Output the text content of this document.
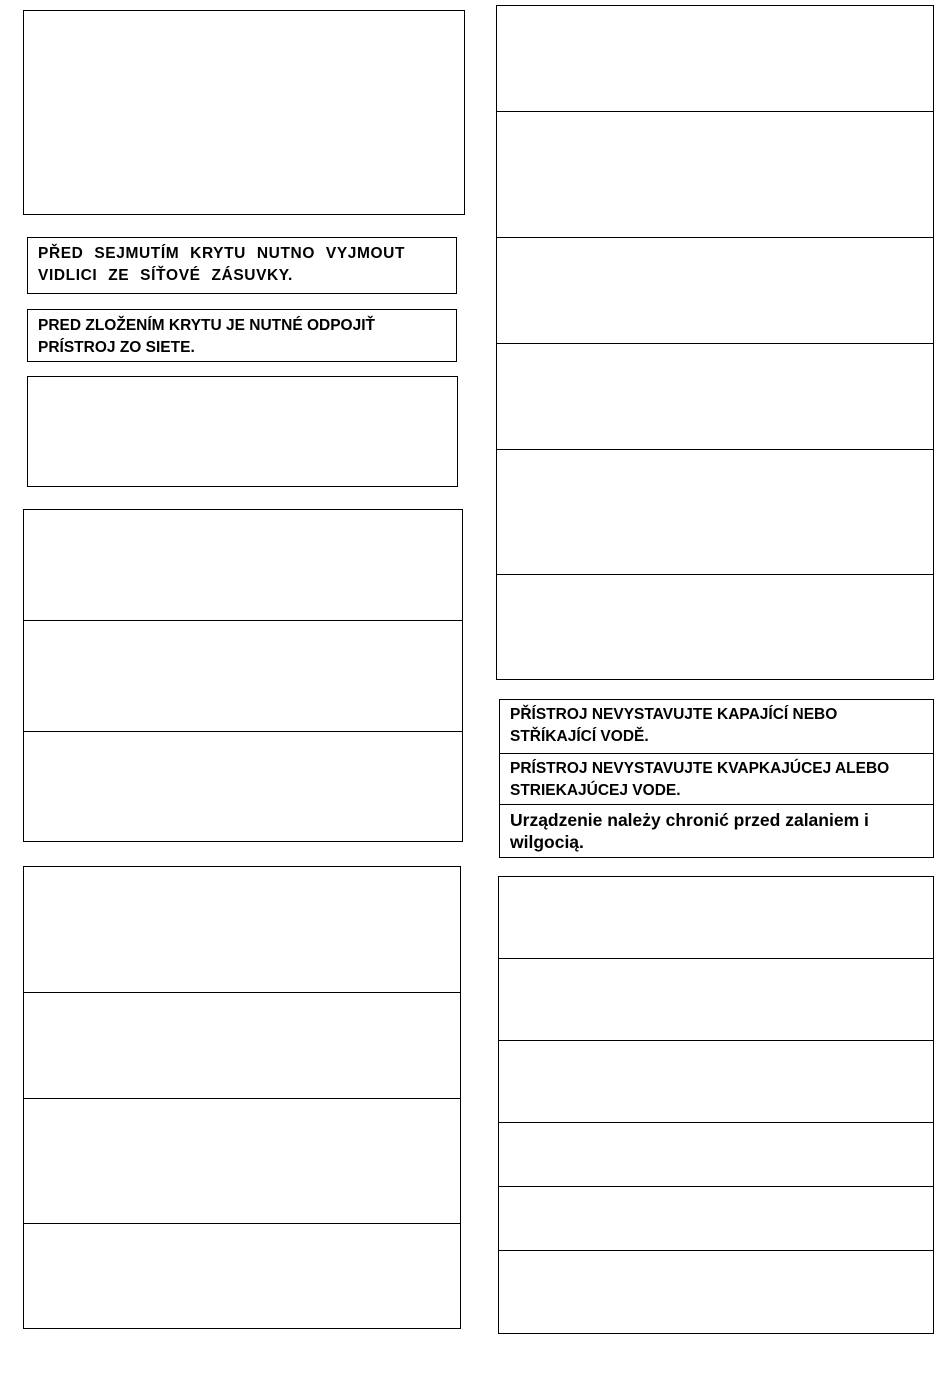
PŘED SEJMUTÍM KRYTU NUTNO VYJMOUT
VIDLICI ZE SÍŤOVÉ ZÁSUVKY.
PRED ZLOŽENÍM KRYTU JE NUTNÉ ODPOJIŤ
PRÍSTROJ ZO SIETE.
PŘÍSTROJ NEVYSTAVUJTE KAPAJÍCÍ NEBO
STŘÍKAJÍCÍ VODĚ.
PRÍSTROJ NEVYSTAVUJTE KVAPKAJÚCEJ ALEBO
STRIEKAJÚCEJ VODE.
Urządzenie należy chronić przed zalaniem i
wilgocią.
